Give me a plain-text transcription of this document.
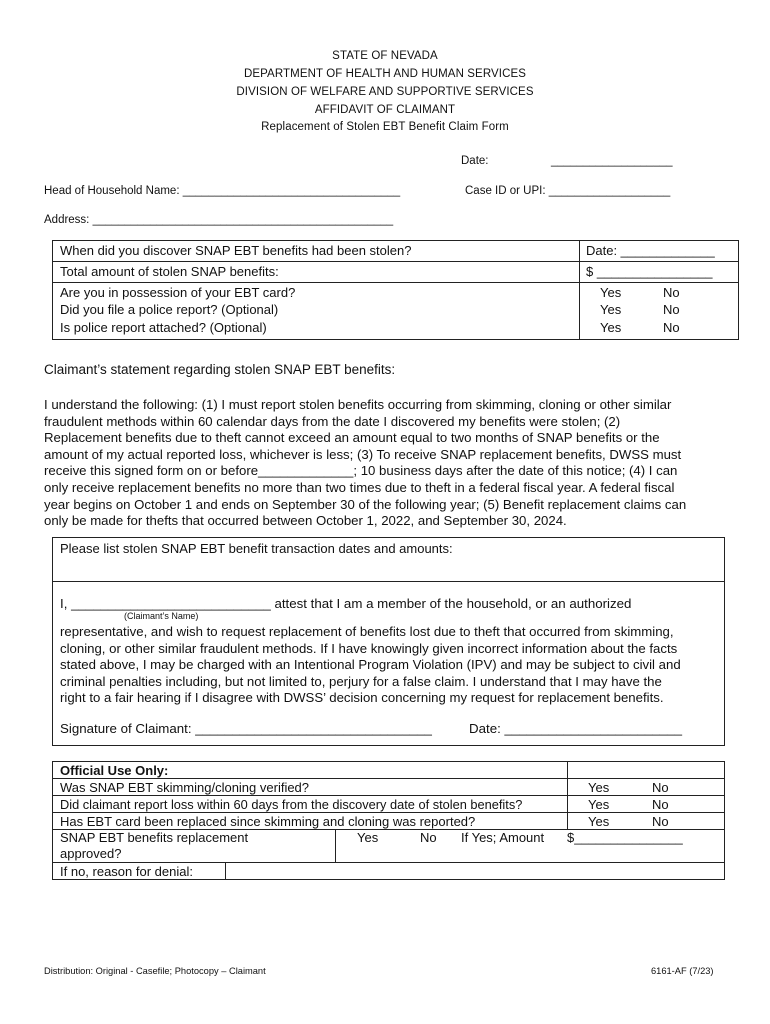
STATE OF NEVADA
DEPARTMENT OF HEALTH AND HUMAN SERVICES
DIVISION OF WELFARE AND SUPPORTIVE SERVICES
AFFIDAVIT OF CLAIMANT
Replacement of Stolen EBT Benefit Claim Form
Date:	___________________
Head of Household Name: __________________________________	Case ID or UPI: ___________________
Address: _______________________________________________
When did you discover SNAP EBT benefits had been stolen?	Date: _____________
Total amount of stolen SNAP benefits:	$ ________________
Are you in possession of your EBT card?	Yes	No
Did you file a police report? (Optional)	Yes	No
Is police report attached? (Optional)	Yes	No
Claimant’s statement regarding stolen SNAP EBT benefits:
I understand the following: (1) I must report stolen benefits occurring from skimming, cloning or other similar
fraudulent methods within 60 calendar days from the date I discovered my benefits were stolen; (2)
Replacement benefits due to theft cannot exceed an amount equal to two months of SNAP benefits or the
amount of my actual reported loss, whichever is less; (3) To receive SNAP replacement benefits, DWSS must
receive this signed form on or before_____________; 10 business days after the date of this notice; (4) I can
only receive replacement benefits no more than two times due to theft in a federal fiscal year. A federal fiscal
year begins on October 1 and ends on September 30 of the following year; (5) Benefit replacement claims can
only be made for thefts that occurred between October 1, 2022, and September 30, 2024.
Please list stolen SNAP EBT benefit transaction dates and amounts:
I, ___________________________ attest that I am a member of the household, or an authorized
(Claimant’s Name)
representative, and wish to request replacement of benefits lost due to theft that occurred from skimming,
cloning, or other similar fraudulent methods. If I have knowingly given incorrect information about the facts
stated above, I may be charged with an Intentional Program Violation (IPV) and may be subject to civil and
criminal penalties including, but not limited to, perjury for a false claim. I understand that I may have the
right to a fair hearing if I disagree with DWSS’ decision concerning my request for replacement benefits.
Signature of Claimant: ________________________________	Date: ________________________
Official Use Only:
Was SNAP EBT skimming/cloning verified?	Yes	No
Did claimant report loss within 60 days from the discovery date of stolen benefits?	Yes	No
Has EBT card been replaced since skimming and cloning was reported?	Yes	No
SNAP EBT benefits replacement
approved?
Yes	No If Yes; Amount $_______________
If no, reason for denial:
Distribution: Original - Casefile; Photocopy – Claimant	6161-AF (7/23)
